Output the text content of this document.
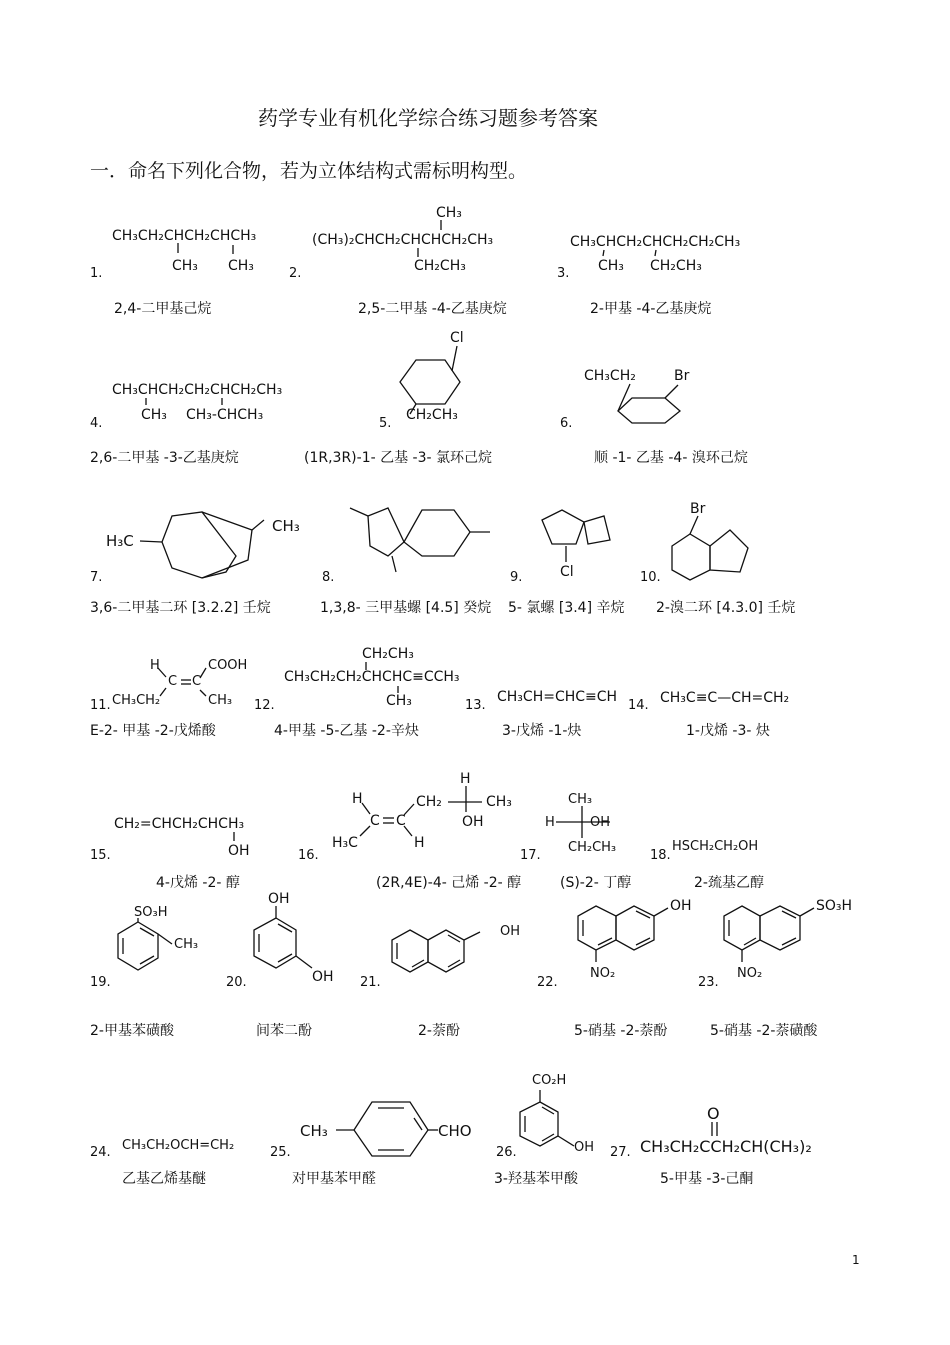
药学专业有机化学综合练习题参考答案
一．命名下列化合物，若为立体结构式需标明构型。
CH₃CH₂CHCH₂CHCH₃
CH₃ CH₃
1.
CH₃
(CH₃)₂CHCH₂CHCHCH₂CH₃
CH₂CH₃
2.
CH₃CHCH₂CHCH₂CH₂CH₃
CH₃ CH₂CH₃
3.
2,4-二甲基己烷	2,5-二甲基 -4-乙基庚烷	2-甲基 -4-乙基庚烷
CH₃CHCH₂CH₂CHCH₂CH₃
CH₃ CH₃-CHCH₃
4.
Cl
CH₂CH₃
5.
CH₃CH₂	Br
6.
2,6-二甲基 -3-乙基庚烷	(1R,3R)-1- 乙基 -3- 氯环己烷	顺 -1- 乙基 -4- 溴环己烷
H₃C
CH₃
7.	8.	Cl
9.
Br
10.
3,6-二甲基二环 [3.2.2] 壬烷	1,3,8- 三甲基螺 [4.5] 癸烷 5- 氯螺 [3.4] 辛烷 2-溴二环 [4.3.0] 壬烷
H	COOH
C C
CH₃CH₂	CH₃
11.
CH₂CH₃
CH₃CH₂CH₂CHCHC≡CCH₃
CH₃
12.
CH₃CH=CHC≡CH
13.	CH₃C≡C—CH=CH₂
14.
E-2- 甲基 -2-戊烯酸	4-甲基 -5-乙基 -2-辛炔	3-戊烯 -1-炔	1-戊烯 -3- 炔
CH₂=CHCH₂CHCH₃
OH
15.
H
H
CH₂	CH₃
OH
C C
H₃C	H
16.
CH₃
H	OH
CH₂CH₃
17.
HSCH₂CH₂OH
18.
4-戊烯 -2- 醇	(2R,4E)-4- 己烯 -2- 醇	(S)-2- 丁醇	2-巯基乙醇
SO₃H
CH₃
19.
OH
OH
20.
OH
21.
OH
NO₂
22.
SO₃H
NO₂
23.
2-甲基苯磺酸	间苯二酚	2-萘酚	5-硝基 -2-萘酚	5-硝基 -2-萘磺酸
CH₃CH₂OCH=CH₂
24.
CH₃	CHO
25.
CO₂H
OH
26.
O
CH₃CH₂CCH₂CH(CH₃)₂
27.
乙基乙烯基醚	对甲基苯甲醛	3-羟基苯甲酸	5-甲基 -3-己酮
1
